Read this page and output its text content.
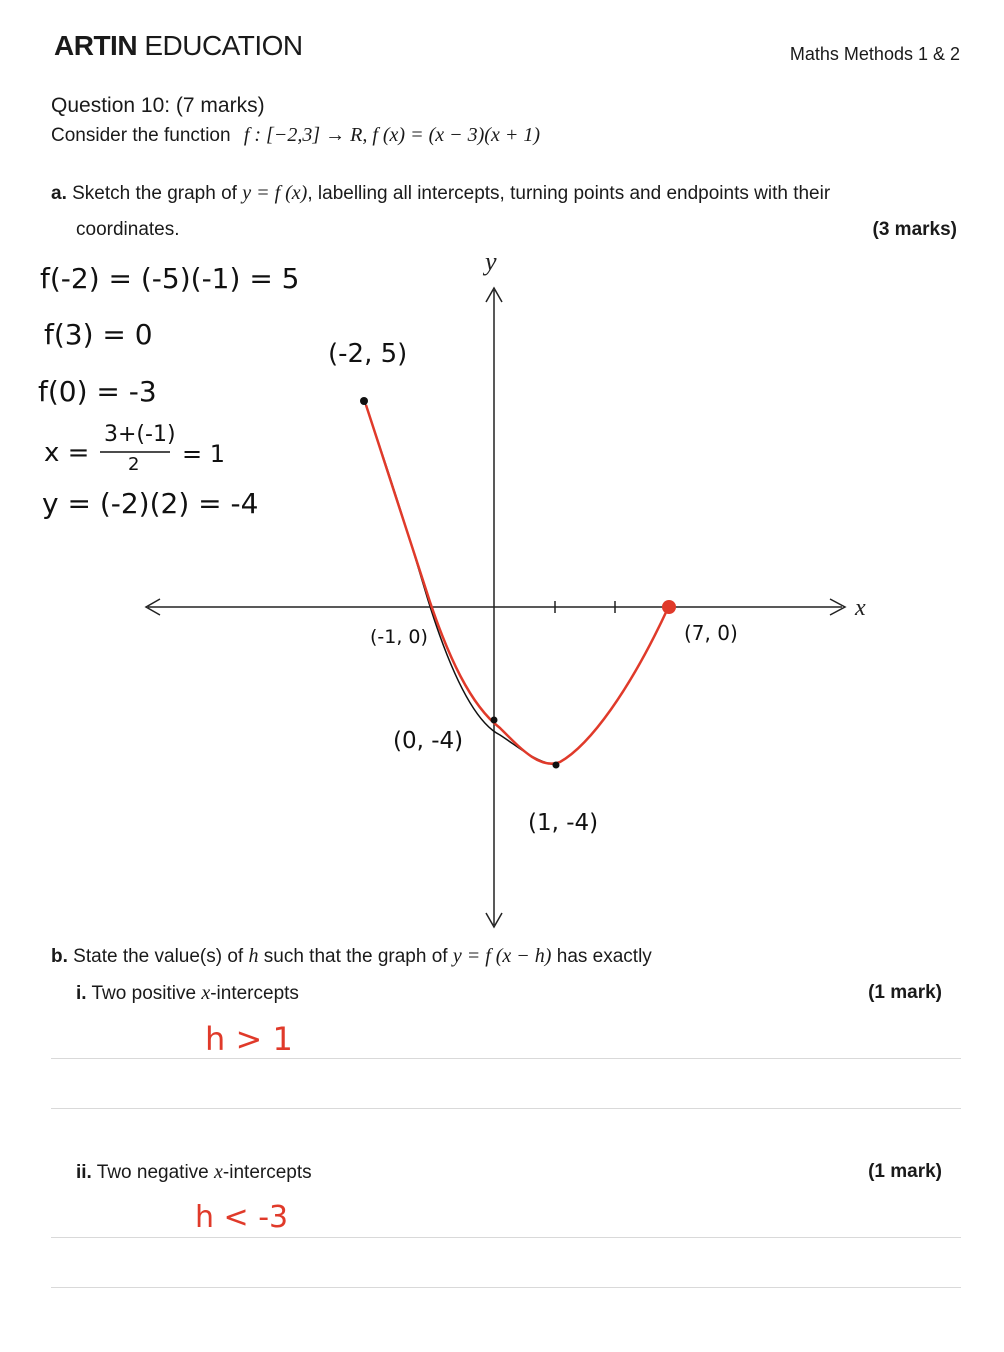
ARTIN EDUCATION	Maths Methods 1 & 2
Question 10: (7 marks)
Consider the function f : [−2,3] → R, f (x) = (x − 3)(x + 1)
a. Sketch the graph of y = f (x), labelling all intercepts, turning points and endpoints with their
coordinates.	(3 marks)
x
y
(-2, 5)
(-1, 0)
(0, -4)
(1, -4)
(7, 0)
f(-2) = (-5)(-1) = 5
f(3) = 0
f(0) = -3
x =
3+(-1)
2 = 1
y = (-2)(2) = -4
b. State the value(s) of h such that the graph of y = f (x − h) has exactly
i. Two positive x-intercepts	(1 mark)
h > 1
ii. Two negative x-intercepts	(1 mark)
h < -3
